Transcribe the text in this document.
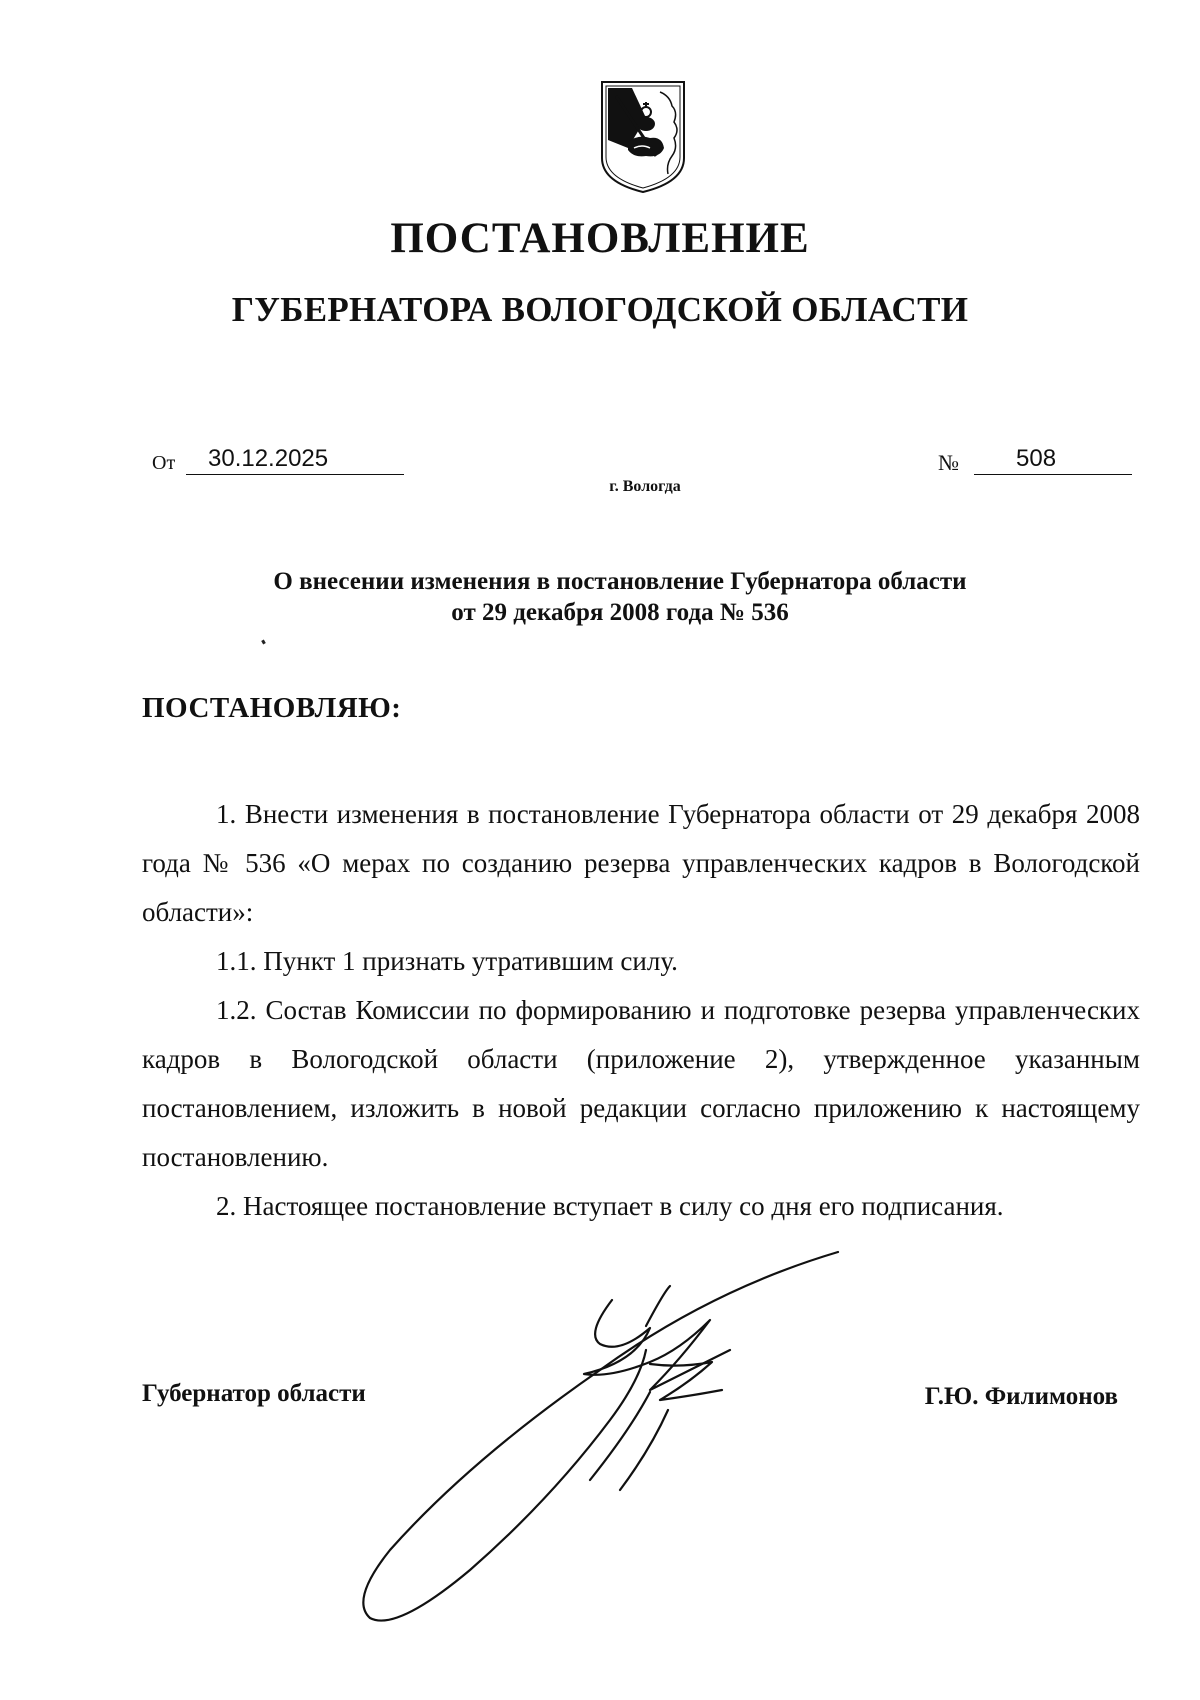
ПОСТАНОВЛЕНИЕ
ГУБЕРНАТОРА ВОЛОГОДСКОЙ ОБЛАСТИ
От	30.12.2025	№	508
г. Вологда
О внесении изменения в постановление Губернатора области
от 29 декабря 2008 года № 536
ПОСТАНОВЛЯЮ:

1. Внести изменения в постановление Губернатора области от 29 декабря 2008 года № 536 «О мерах по созданию резерва управленческих кадров в Вологодской области»:

1.1. Пункт 1 признать утратившим силу.

1.2. Состав Комиссии по формированию и подготовке резерва управленческих кадров в Вологодской области (приложение 2), утвержденное указанным постановлением, изложить в новой редакции согласно приложению к настоящему постановлению.

2. Настоящее постановление вступает в силу со дня его подписания.

Губернатор области	Г.Ю. Филимонов
